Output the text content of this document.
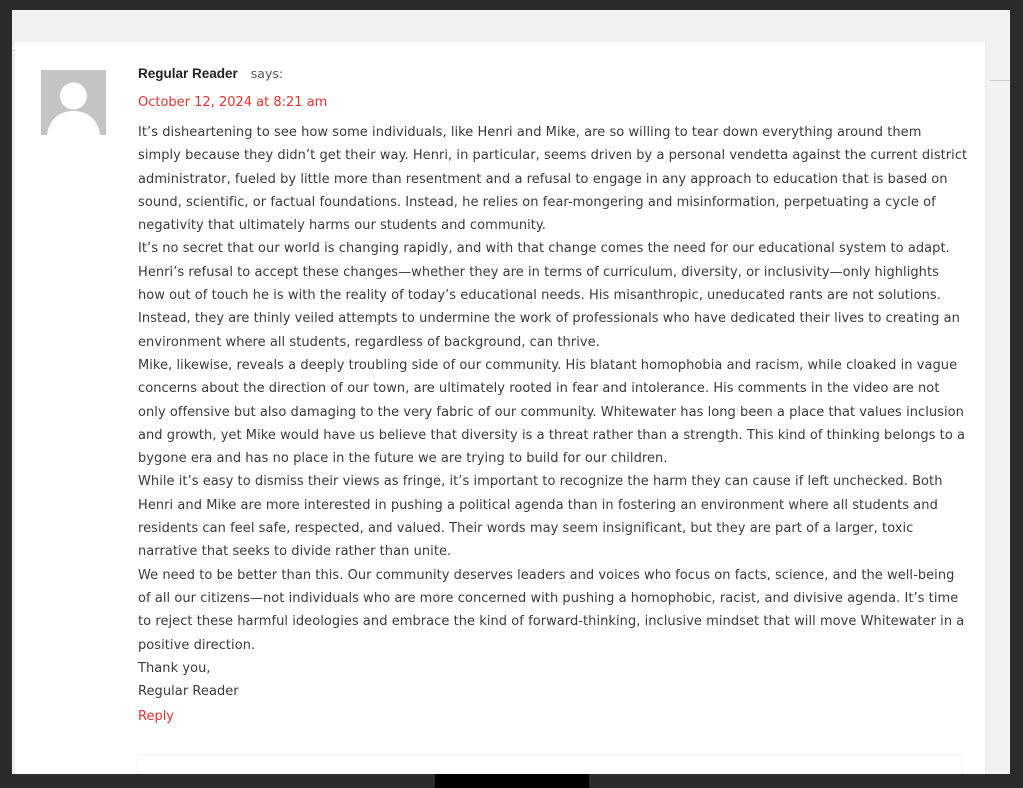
Regular Reader says:
October 12, 2024 at 8:21 am

It’s disheartening to see how some individuals, like Henri and Mike, are so willing to tear down everything around them simply because they didn’t get their way. Henri, in particular, seems driven by a personal vendetta against the current district administrator, fueled by little more than resentment and a refusal to engage in any approach to education that is based on sound, scientific, or factual foundations. Instead, he relies on fear-mongering and misinformation, perpetuating a cycle of negativity that ultimately harms our students and community.

It’s no secret that our world is changing rapidly, and with that change comes the need for our educational system to adapt. Henri’s refusal to accept these changes—whether they are in terms of curriculum, diversity, or inclusivity—only highlights how out of touch he is with the reality of today’s educational needs. His misanthropic, uneducated rants are not solutions. Instead, they are thinly veiled attempts to undermine the work of professionals who have dedicated their lives to creating an environment where all students, regardless of background, can thrive.

Mike, likewise, reveals a deeply troubling side of our community. His blatant homophobia and racism, while cloaked in vague concerns about the direction of our town, are ultimately rooted in fear and intolerance. His comments in the video are not only offensive but also damaging to the very fabric of our community. Whitewater has long been a place that values inclusion and growth, yet Mike would have us believe that diversity is a threat rather than a strength. This kind of thinking belongs to a bygone era and has no place in the future we are trying to build for our children.

While it’s easy to dismiss their views as fringe, it’s important to recognize the harm they can cause if left unchecked. Both Henri and Mike are more interested in pushing a political agenda than in fostering an environment where all students and residents can feel safe, respected, and valued. Their words may seem insignificant, but they are part of a larger, toxic narrative that seeks to divide rather than unite.

We need to be better than this. Our community deserves leaders and voices who focus on facts, science, and the well-being of all our citizens—not individuals who are more concerned with pushing a homophobic, racist, and divisive agenda. It’s time to reject these harmful ideologies and embrace the kind of forward-thinking, inclusive mindset that will move Whitewater in a positive direction.

Thank you,

Regular Reader

Reply
